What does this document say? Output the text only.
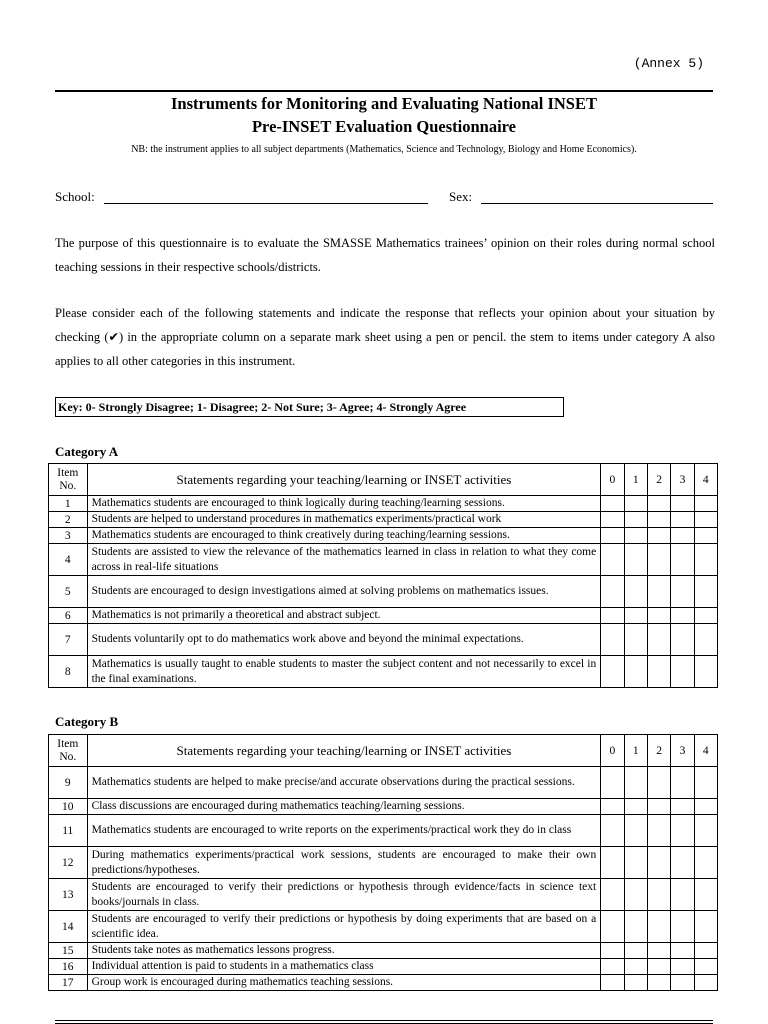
(Annex 5)
Instruments for Monitoring and Evaluating National INSET
Pre-INSET Evaluation Questionnaire
NB: the instrument applies to all subject departments (Mathematics, Science and Technology, Biology and Home Economics).
School:	Sex:
The purpose of this questionnaire is to evaluate the SMASSE Mathematics trainees’ opinion on their roles during normal school teaching sessions in their respective schools/districts.
Please consider each of the following statements and indicate the response that reflects your opinion about your situation by checking (✔) in the appropriate column on a separate mark sheet using a pen or pencil. the stem to items under category A also applies to all other categories in this instrument.
Key: 0- Strongly Disagree; 1- Disagree; 2- Not Sure; 3- Agree; 4- Strongly Agree
Category A
Item No.	Statements regarding your teaching/learning or INSET activities	0	1	2	3	4
1	Mathematics students are encouraged to think logically during teaching/learning sessions.					
2	Students are helped to understand procedures in mathematics experiments/practical work					
3	Mathematics students are encouraged to think creatively during teaching/learning sessions.					
4	Students are assisted to view the relevance of the mathematics learned in class in relation to what they come across in real-life situations					
5	Students are encouraged to design investigations aimed at solving problems on mathematics issues.					
6	Mathematics is not primarily a theoretical and abstract subject.					
7	Students voluntarily opt to do mathematics work above and beyond the minimal expectations.					
8	Mathematics is usually taught to enable students to master the subject content and not necessarily to excel in the final examinations.					
Category B
Item No.	Statements regarding your teaching/learning or INSET activities	0	1	2	3	4
9	Mathematics students are helped to make precise/and accurate observations during the practical sessions.					
10	Class discussions are encouraged during mathematics teaching/learning sessions.					
11	Mathematics students are encouraged to write reports on the experiments/practical work they do in class					
12	During mathematics experiments/practical work sessions, students are encouraged to make their own predictions/hypotheses.					
13	Students are encouraged to verify their predictions or hypothesis through evidence/facts in science text books/journals in class.					
14	Students are encouraged to verify their predictions or hypothesis by doing experiments that are based on a scientific idea.					
15	Students take notes as mathematics lessons progress.					
16	Individual attention is paid to students in a mathematics class					
17	Group work is encouraged during mathematics teaching sessions.					
